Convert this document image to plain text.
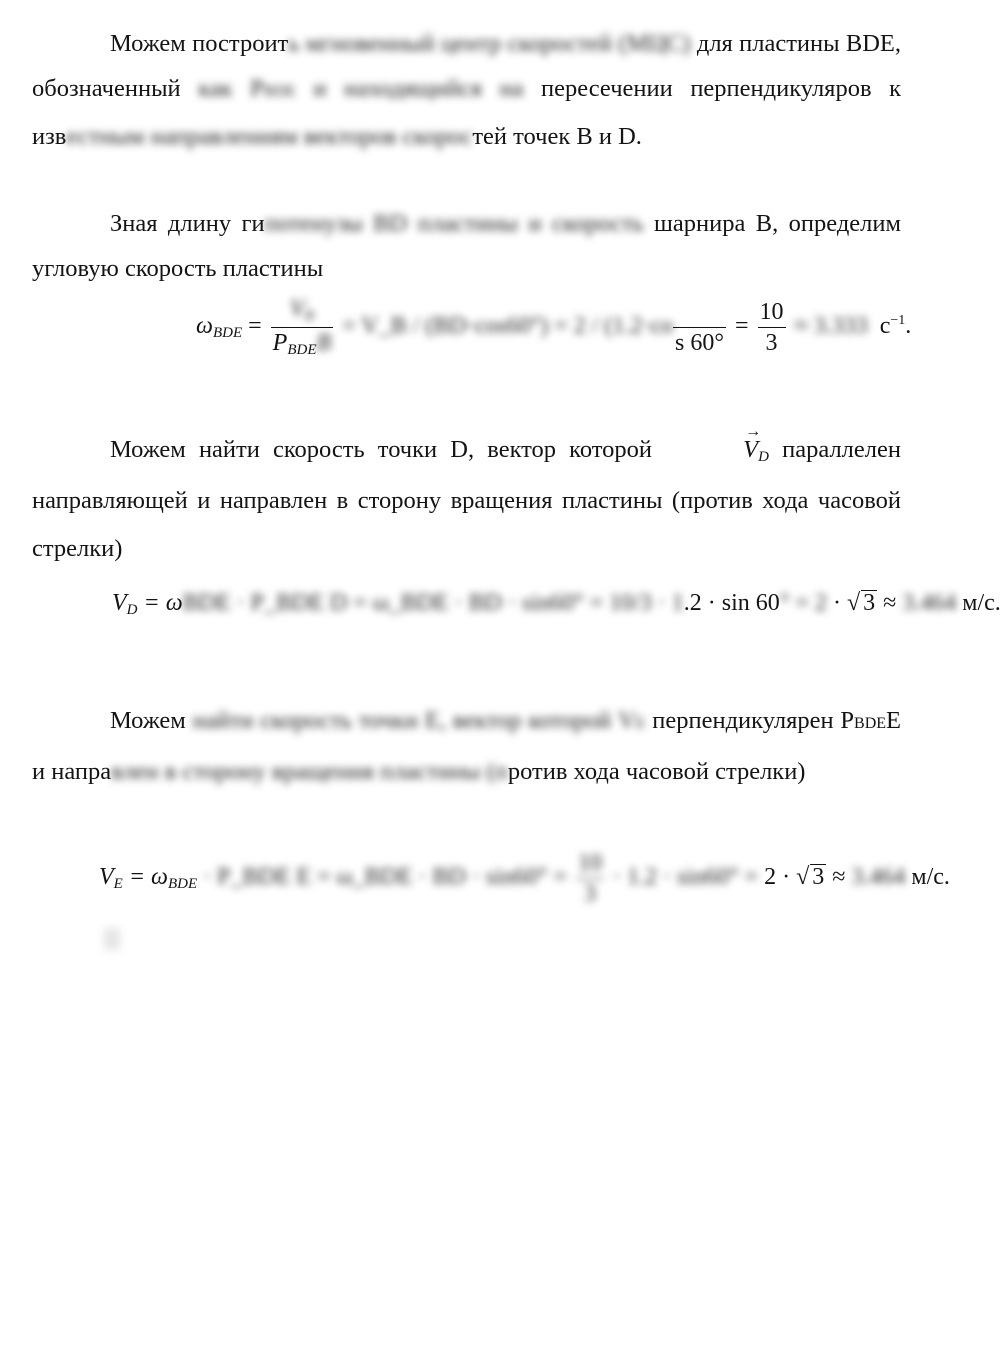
Можем построить мгновенный центр скоростей (МЦС) для пластины BDE, обозначенный как PBDE и находящийся на пересечении перпендикуляров к известным направлениям векторов скоростей точек B и D.

Зная длину гипотенузы BD пластины и скорость шарнира B, определим угловую скорость пластины

$\omega BDE = \frac{VB}{\text{PBDEB}}$ = V_B / (BD·cos60°) = 2 / (1.2·co

s 60°
= $\frac{10}{3} \approx 3.333$ $c^{-1}$.

Можем найти скорость точки D, вектор которой →	VD параллелен направляющей и направлен в сторону вращения пластины (против хода часовой стрелки)

VD = ωBDE · P_BDE D = ω_BDE · BD · sin60° = 10/3 · 1.2 · sin 60° = 2 · √ 3 ≈ 3.464 м/с.

Можем найти скорость точки E, вектор которой VE перпендикулярен PBDEE и направлен в сторону вращения пластины (против хода часовой стрелки)

VE = ωBDE · P_BDE E = ω_BDE · BD · $\sin 60^\circ = \frac{10}{3} \cdot 1.2 \cdot \sin 60^\circ = 2$ · √ 3 ≈ 3.464 м/с.
